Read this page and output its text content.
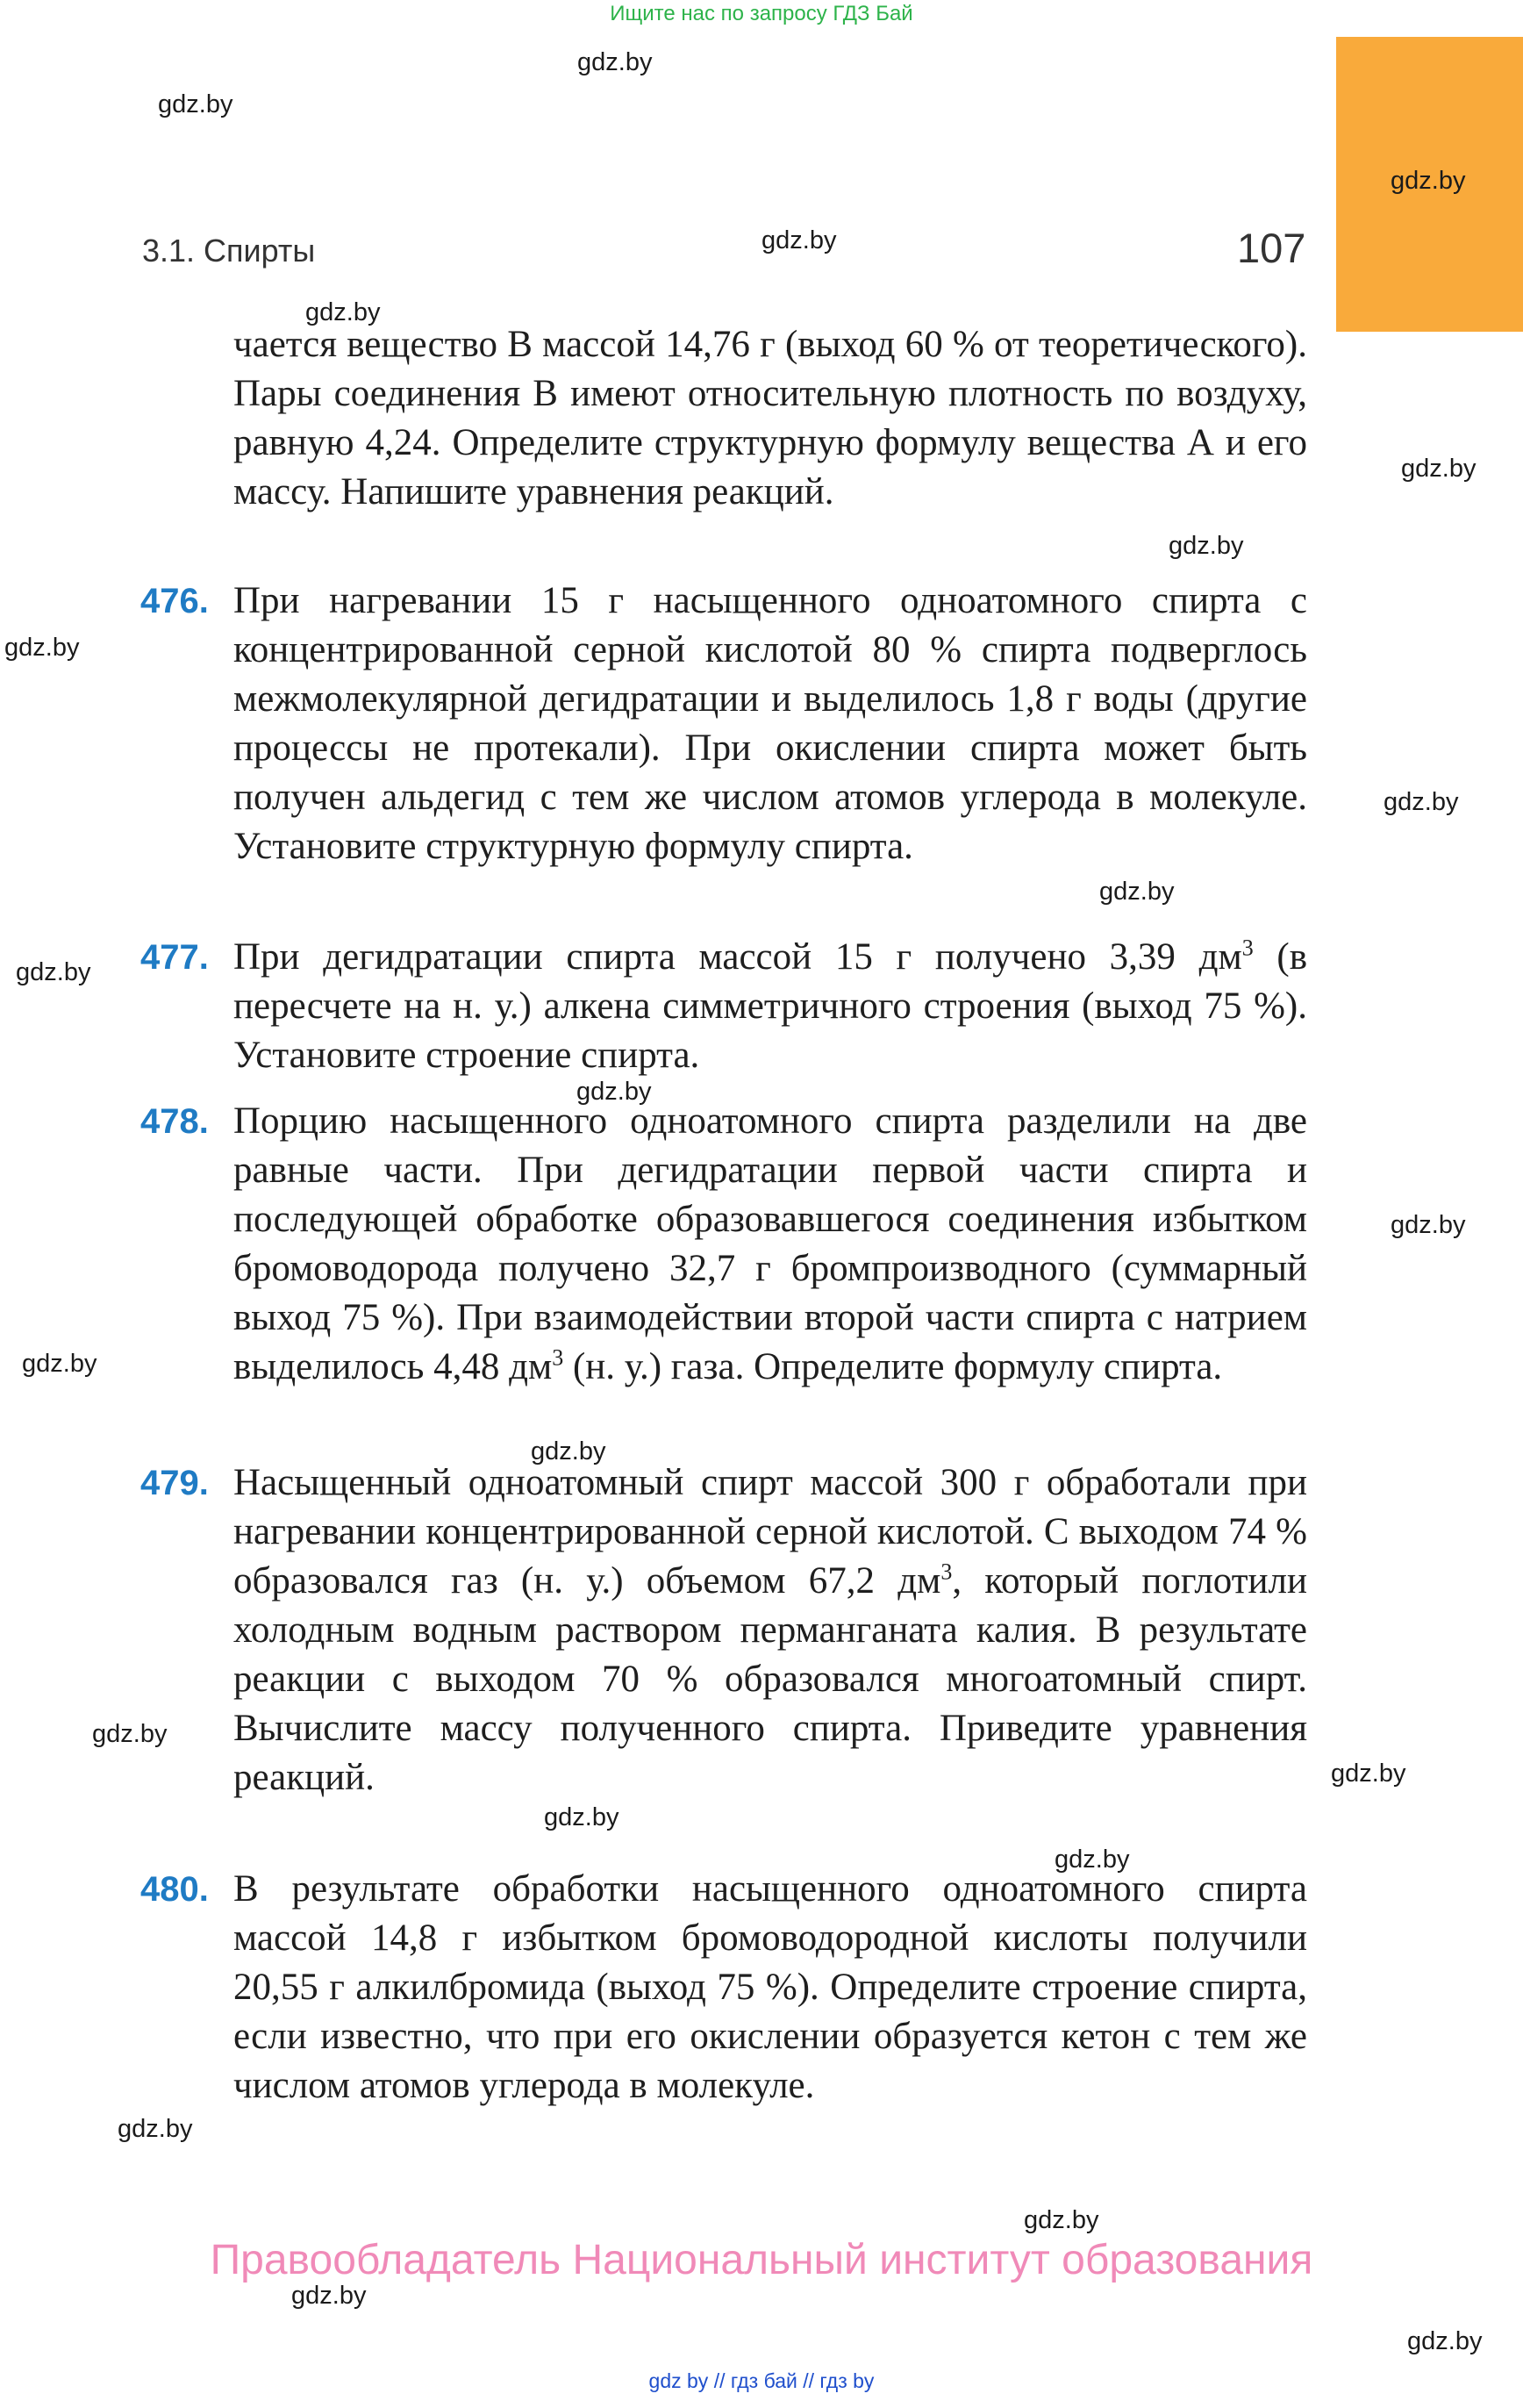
Ищите нас по запросу ГДЗ Бай
3.1. Спирты	107
чается вещество В массой 14,76 г (выход 60 % от теоретического). Пары соединения В имеют относительную плотность по воздуху, равную 4,24. Определите структурную формулу вещества А и его массу. Напишите уравнения реакций.
476. При нагревании 15 г насыщенного одноатомного спирта с концентрированной серной кислотой 80 % спирта подверглось межмолекулярной дегидратации и выделилось 1,8 г воды (другие процессы не протекали). При окислении спирта может быть получен альдегид с тем же числом атомов углерода в молекуле. Установите структурную формулу спирта.
477. При дегидратации спирта массой 15 г получено 3,39 $дм^3$ (в пересчете на н. у.) алкена симметричного строения (выход 75 %). Установите строение спирта.
478. Порцию насыщенного одноатомного спирта разделили на две равные части. При дегидратации первой части спирта и последующей обработке образовавшегося соединения избытком бромоводорода получено 32,7 г бромпроизводного (суммарный выход 75 %). При взаимодействии второй части спирта с натрием выделилось 4,48 $дм^3$ (н. у.) газа. Определите формулу спирта.
479. Насыщенный одноатомный спирт массой 300 г обработали при нагревании концентрированной серной кислотой. С выходом 74 % образовался газ (н. у.) объемом 67,2 $дм^3$, который поглотили холодным водным раствором перманганата калия. В результате реакции с выходом 70 % образовался многоатомный спирт. Вычислите массу полученного спирта. Приведите уравнения реакций.
480. В результате обработки насыщенного одноатомного спирта массой 14,8 г избытком бромоводородной кислоты получили 20,55 г алкилбромида (выход 75 %). Определите строение спирта, если известно, что при его окислении образуется кетон с тем же числом атомов углерода в молекуле.
Правообладатель Национальный институт образования
gdz by // гдз бай // гдз by
gdz.by
gdz.by
gdz.by
gdz.by
gdz.by
gdz.by
gdz.by
gdz.by
gdz.by
gdz.by
gdz.by
gdz.by
gdz.by
gdz.by
gdz.by
gdz.by
gdz.by
gdz.by
gdz.by
gdz.by
gdz.by
gdz.by
gdz.by
